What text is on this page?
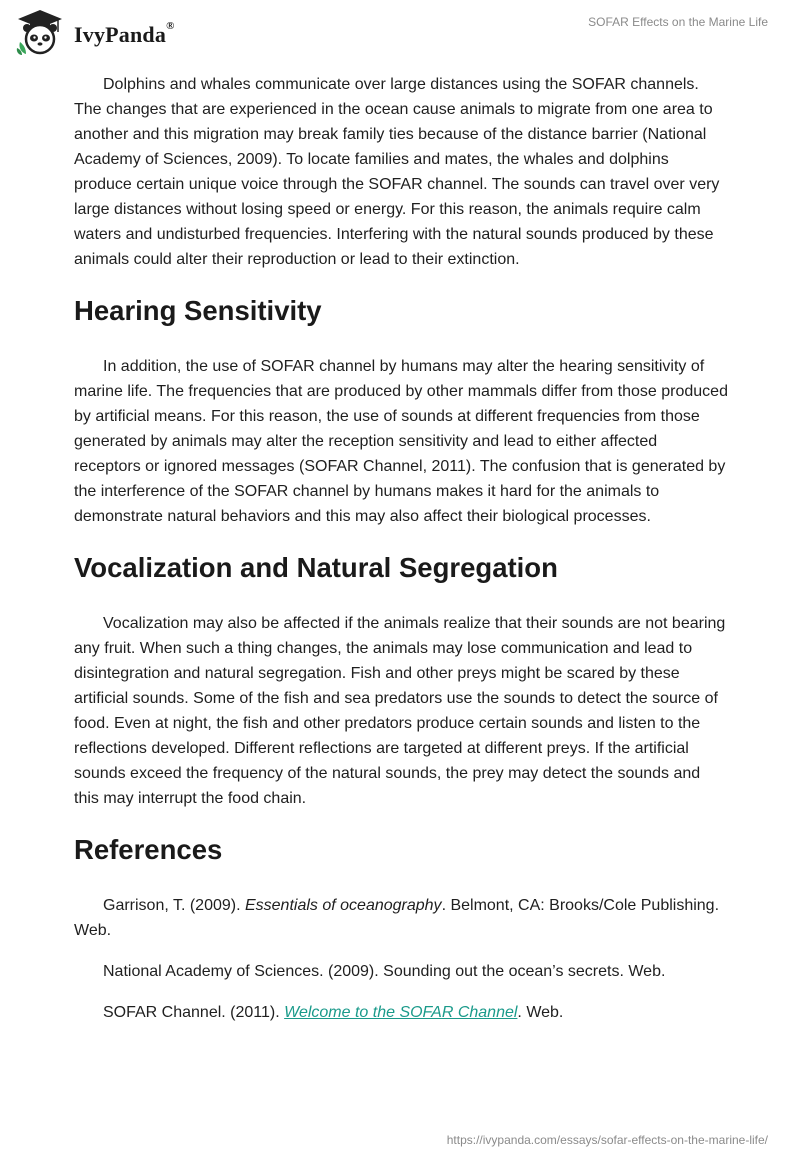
IvyPanda®	SOFAR Effects on the Marine Life

Dolphins and whales communicate over large distances using the SOFAR channels. The changes that are experienced in the ocean cause animals to migrate from one area to another and this migration may break family ties because of the distance barrier (National Academy of Sciences, 2009). To locate families and mates, the whales and dolphins produce certain unique voice through the SOFAR channel. The sounds can travel over very large distances without losing speed or energy. For this reason, the animals require calm waters and undisturbed frequencies. Interfering with the natural sounds produced by these animals could alter their reproduction or lead to their extinction.

Hearing Sensitivity

In addition, the use of SOFAR channel by humans may alter the hearing sensitivity of marine life. The frequencies that are produced by other mammals differ from those produced by artificial means. For this reason, the use of sounds at different frequencies from those generated by animals may alter the reception sensitivity and lead to either affected receptors or ignored messages (SOFAR Channel, 2011). The confusion that is generated by the interference of the SOFAR channel by humans makes it hard for the animals to demonstrate natural behaviors and this may also affect their biological processes.

Vocalization and Natural Segregation

Vocalization may also be affected if the animals realize that their sounds are not bearing any fruit. When such a thing changes, the animals may lose communication and lead to disintegration and natural segregation. Fish and other preys might be scared by these artificial sounds. Some of the fish and sea predators use the sounds to detect the source of food. Even at night, the fish and other predators produce certain sounds and listen to the reflections developed. Different reflections are targeted at different preys. If the artificial sounds exceed the frequency of the natural sounds, the prey may detect the sounds and this may interrupt the food chain.

References

Garrison, T. (2009). Essentials of oceanography. Belmont, CA: Brooks/Cole Publishing. Web.

National Academy of Sciences. (2009). Sounding out the ocean’s secrets. Web.

SOFAR Channel. (2011). Welcome to the SOFAR Channel. Web.

https://ivypanda.com/essays/sofar-effects-on-the-marine-life/
